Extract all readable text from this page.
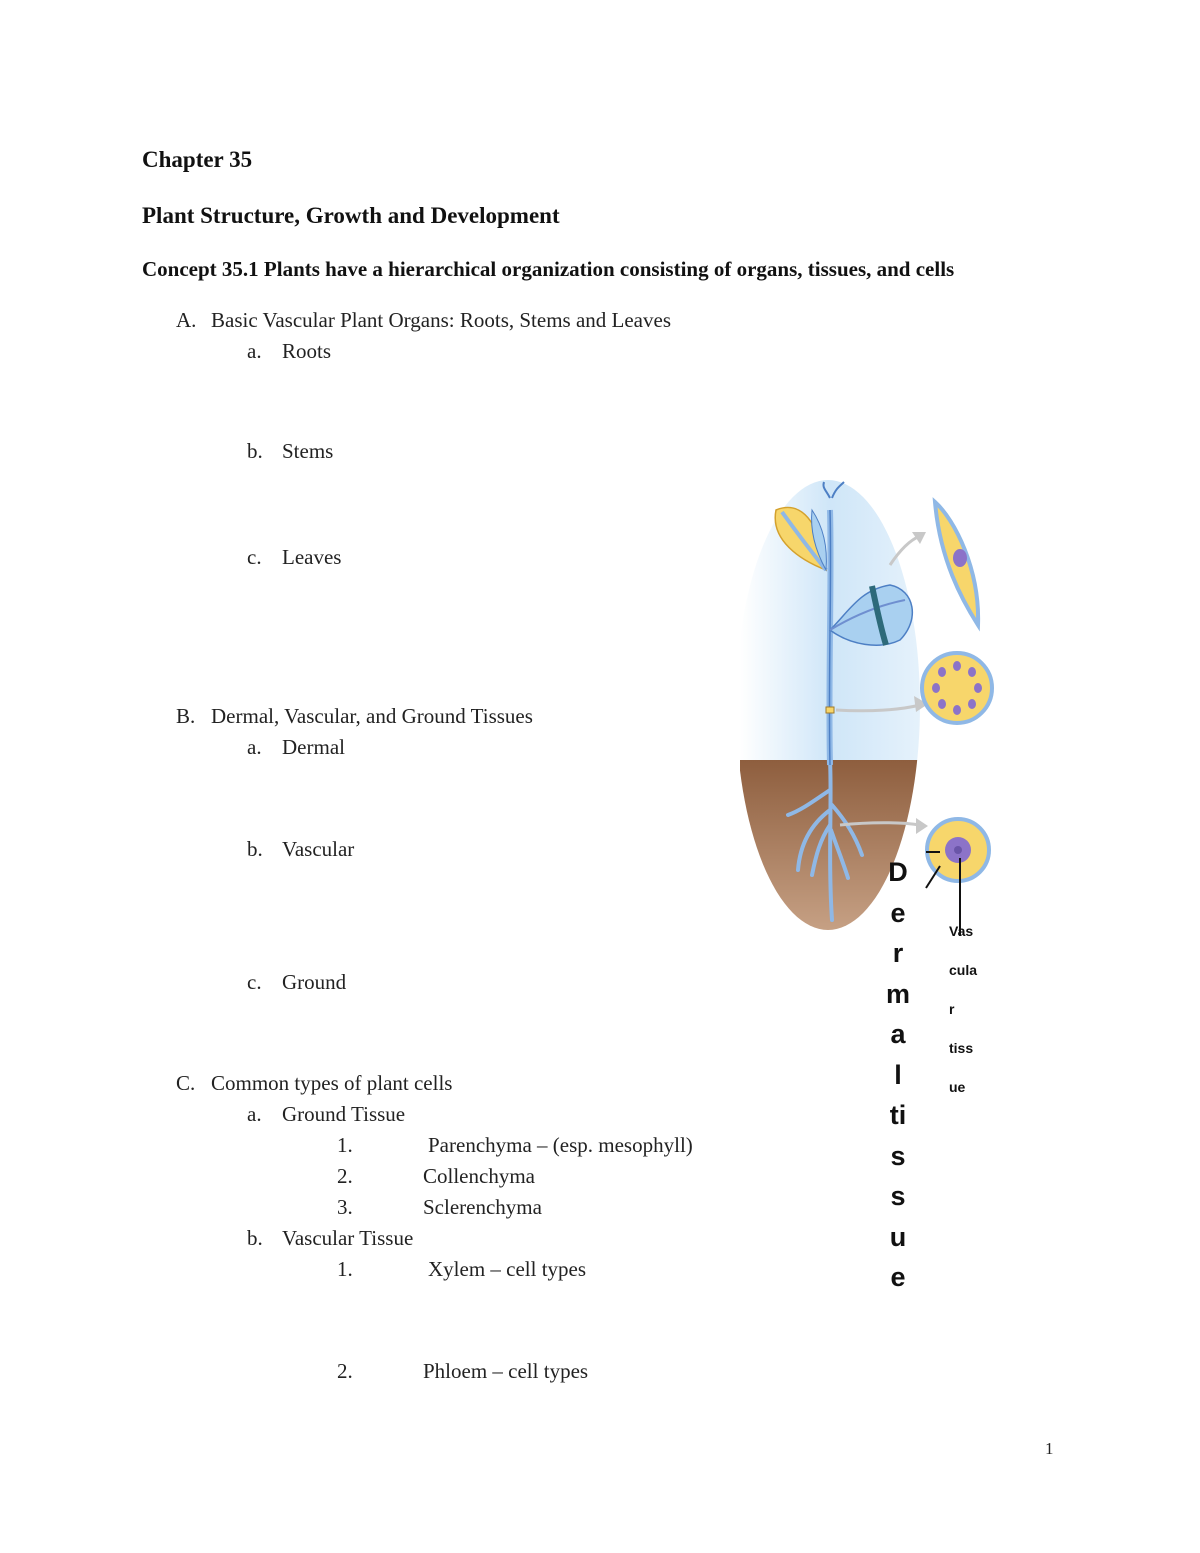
Chapter 35
Plant Structure, Growth and Development
Concept 35.1 Plants have a hierarchical organization consisting of organs, tissues, and cells
A. Basic Vascular Plant Organs: Roots, Stems and Leaves
a. Roots
b. Stems
c. Leaves
B. Dermal, Vascular, and Ground Tissues
a. Dermal
b. Vascular
c. Ground
C. Common types of plant cells
a. Ground Tissue
1.	Parenchyma – (esp. mesophyll)
2.	Collenchyma
3.	Sclerenchyma
b. Vascular Tissue
1.	Xylem – cell types
2.	Phloem – cell types
1
D
e
r
m
a
l
ti
s
s
u
e
Vas
cula
r
tiss
ue
